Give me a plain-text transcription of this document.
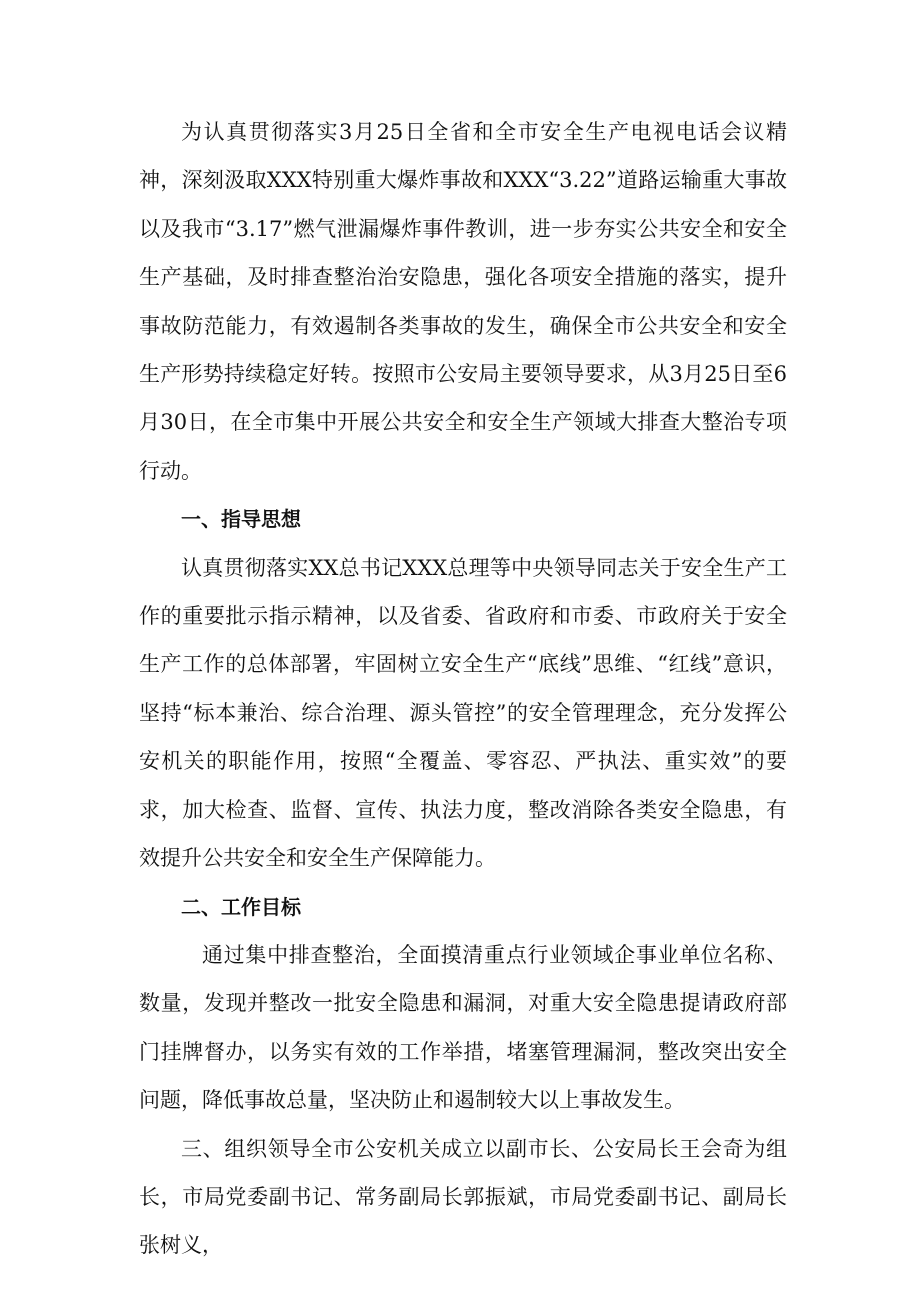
为认真贯彻落实3月25日全省和全市安全生产电视电话会议精神，深刻汲取XXX特别重大爆炸事故和XXX“3.22”道路运输重大事故以及我市“3.17”燃气泄漏爆炸事件教训，进一步夯实公共安全和安全生产基础，及时排查整治治安隐患，强化各项安全措施的落实，提升事故防范能力，有效遏制各类事故的发生，确保全市公共安全和安全生产形势持续稳定好转。按照市公安局主要领导要求，从3月25日至6月30日，在全市集中开展公共安全和安全生产领域大排查大整治专项行动。

一、指导思想

认真贯彻落实XX总书记XXX总理等中央领导同志关于安全生产工作的重要批示指示精神，以及省委、省政府和市委、市政府关于安全生产工作的总体部署，牢固树立安全生产“底线”思维、“红线”意识，坚持“标本兼治、综合治理、源头管控”的安全管理理念，充分发挥公安机关的职能作用，按照“全覆盖、零容忍、严执法、重实效”的要求，加大检查、监督、宣传、执法力度，整改消除各类安全隐患，有效提升公共安全和安全生产保障能力。

二、工作目标

通过集中排查整治，全面摸清重点行业领域企事业单位名称、数量，发现并整改一批安全隐患和漏洞，对重大安全隐患提请政府部门挂牌督办，以务实有效的工作举措，堵塞管理漏洞，整改突出安全问题，降低事故总量，坚决防止和遏制较大以上事故发生。

三、组织领导全市公安机关成立以副市长、公安局长王会奇为组长，市局党委副书记、常务副局长郭振斌，市局党委副书记、副局长张树义，
